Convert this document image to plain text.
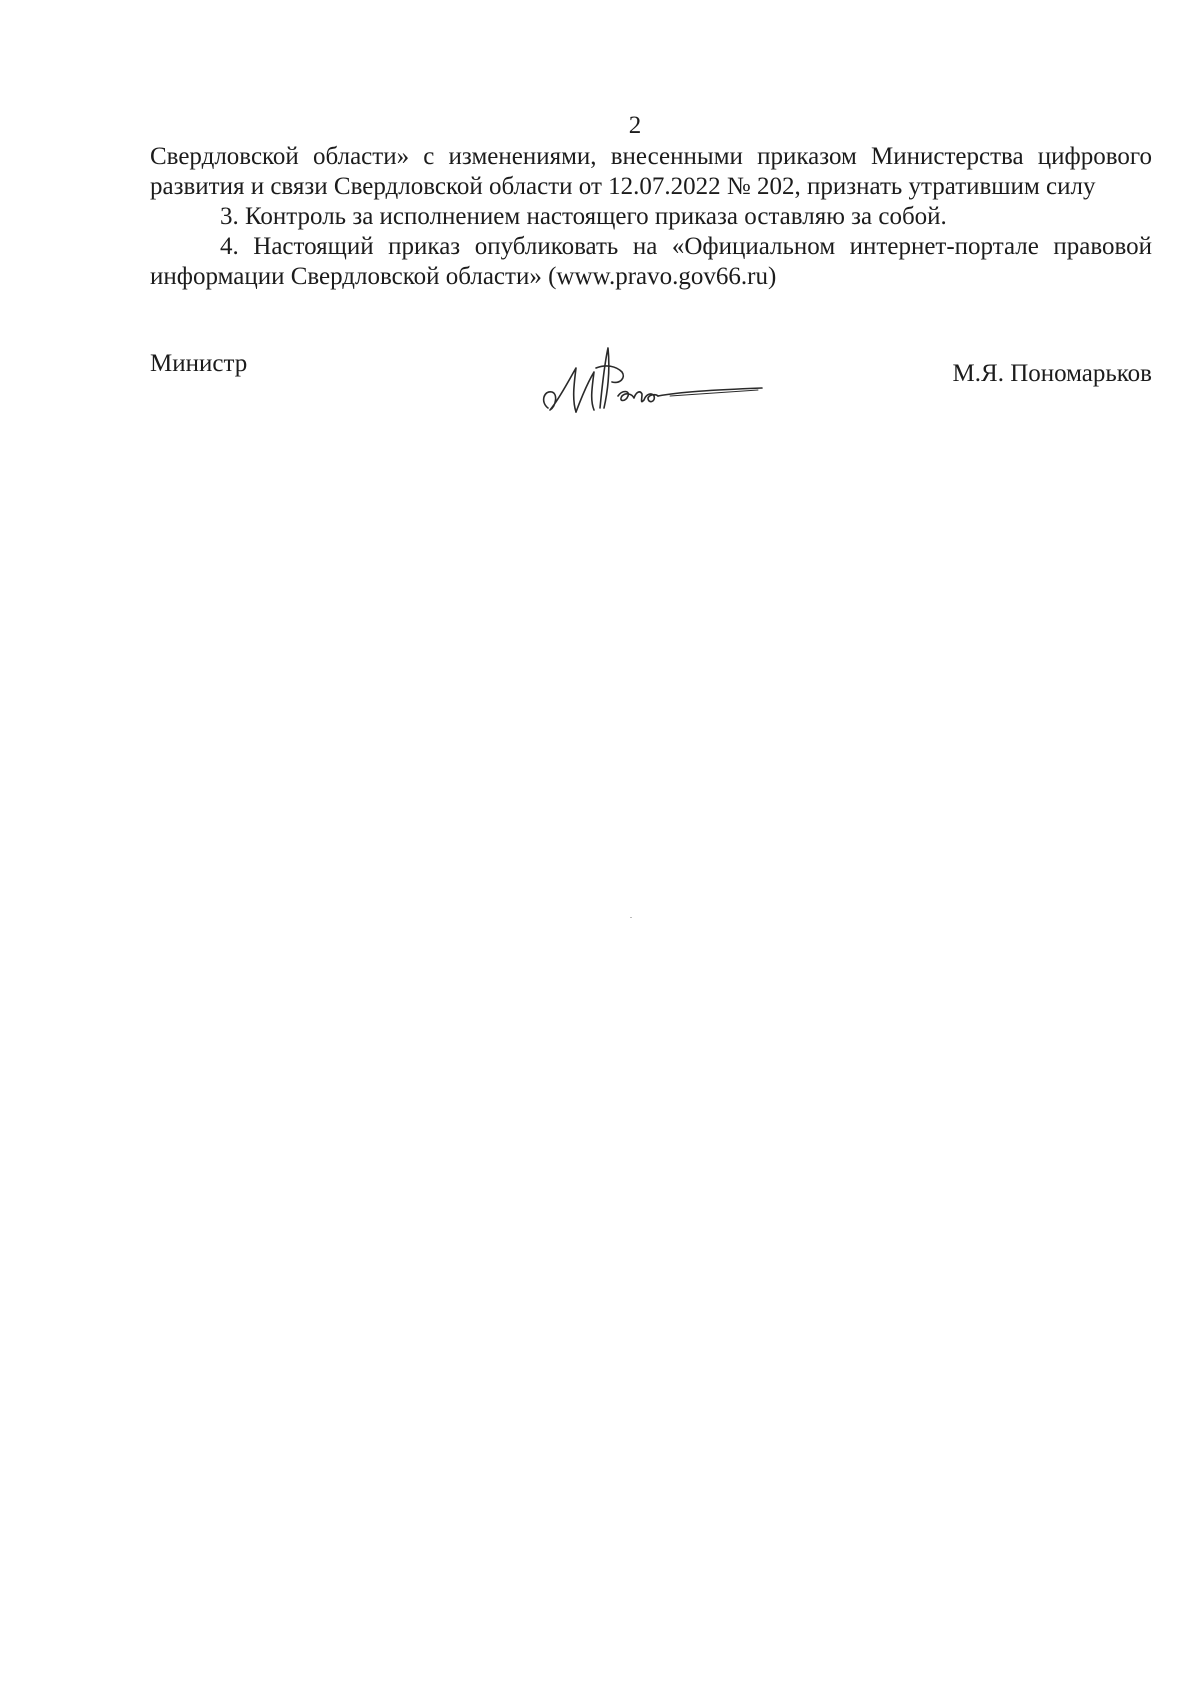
2

Свердловской области» с изменениями, внесенными приказом Министерства цифрового развития и связи Свердловской области от 12.07.2022 № 202, признать утратившим силу

3. Контроль за исполнением настоящего приказа оставляю за собой.

4. Настоящий приказ опубликовать на «Официальном интернет-портале правовой информации Свердловской области» (www.pravo.gov66.ru)

Министр	М.Я. Пономарьков
